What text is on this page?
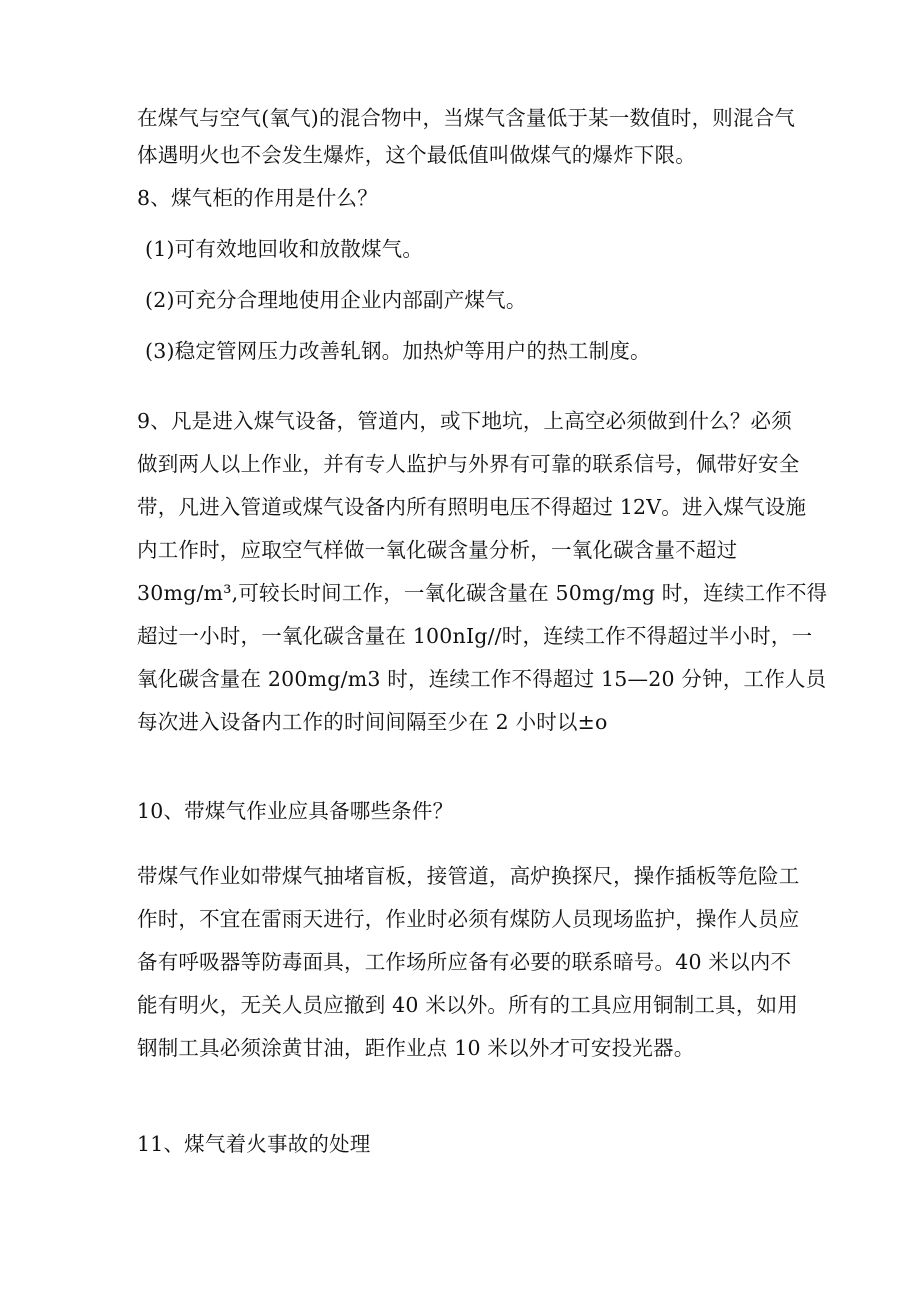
在煤气与空气(氧气)的混合物中，当煤气含量低于某一数值时，则混合气
体遇明火也不会发生爆炸，这个最低值叫做煤气的爆炸下限。

8、煤气柜的作用是什么？

(1)可有效地回收和放散煤气。

(2)可充分合理地使用企业内部副产煤气。

(3)稳定管网压力改善轧钢。加热炉等用户的热工制度。

9、凡是进入煤气设备，管道内，或下地坑，上高空必须做到什么？必须
做到两人以上作业，并有专人监护与外界有可靠的联系信号，佩带好安全
带，凡进入管道或煤气设备内所有照明电压不得超过 12V。进入煤气设施
内工作时，应取空气样做一氧化碳含量分析，一氧化碳含量不超过
30mg/m³,可较长时间工作，一氧化碳含量在 50mg/mg 时，连续工作不得
超过一小时，一氧化碳含量在 100nIg//时，连续工作不得超过半小时，一
氧化碳含量在 200mg/m3 时，连续工作不得超过 15—20 分钟，工作人员
每次进入设备内工作的时间间隔至少在 2 小时以±o

10、带煤气作业应具备哪些条件？

带煤气作业如带煤气抽堵盲板，接管道，高炉换探尺，操作插板等危险工
作时，不宜在雷雨天进行，作业时必须有煤防人员现场监护，操作人员应
备有呼吸器等防毒面具，工作场所应备有必要的联系暗号。40 米以内不
能有明火，无关人员应撤到 40 米以外。所有的工具应用铜制工具，如用
钢制工具必须涂黄甘油，距作业点 10 米以外才可安投光器。

11、煤气着火事故的处理
